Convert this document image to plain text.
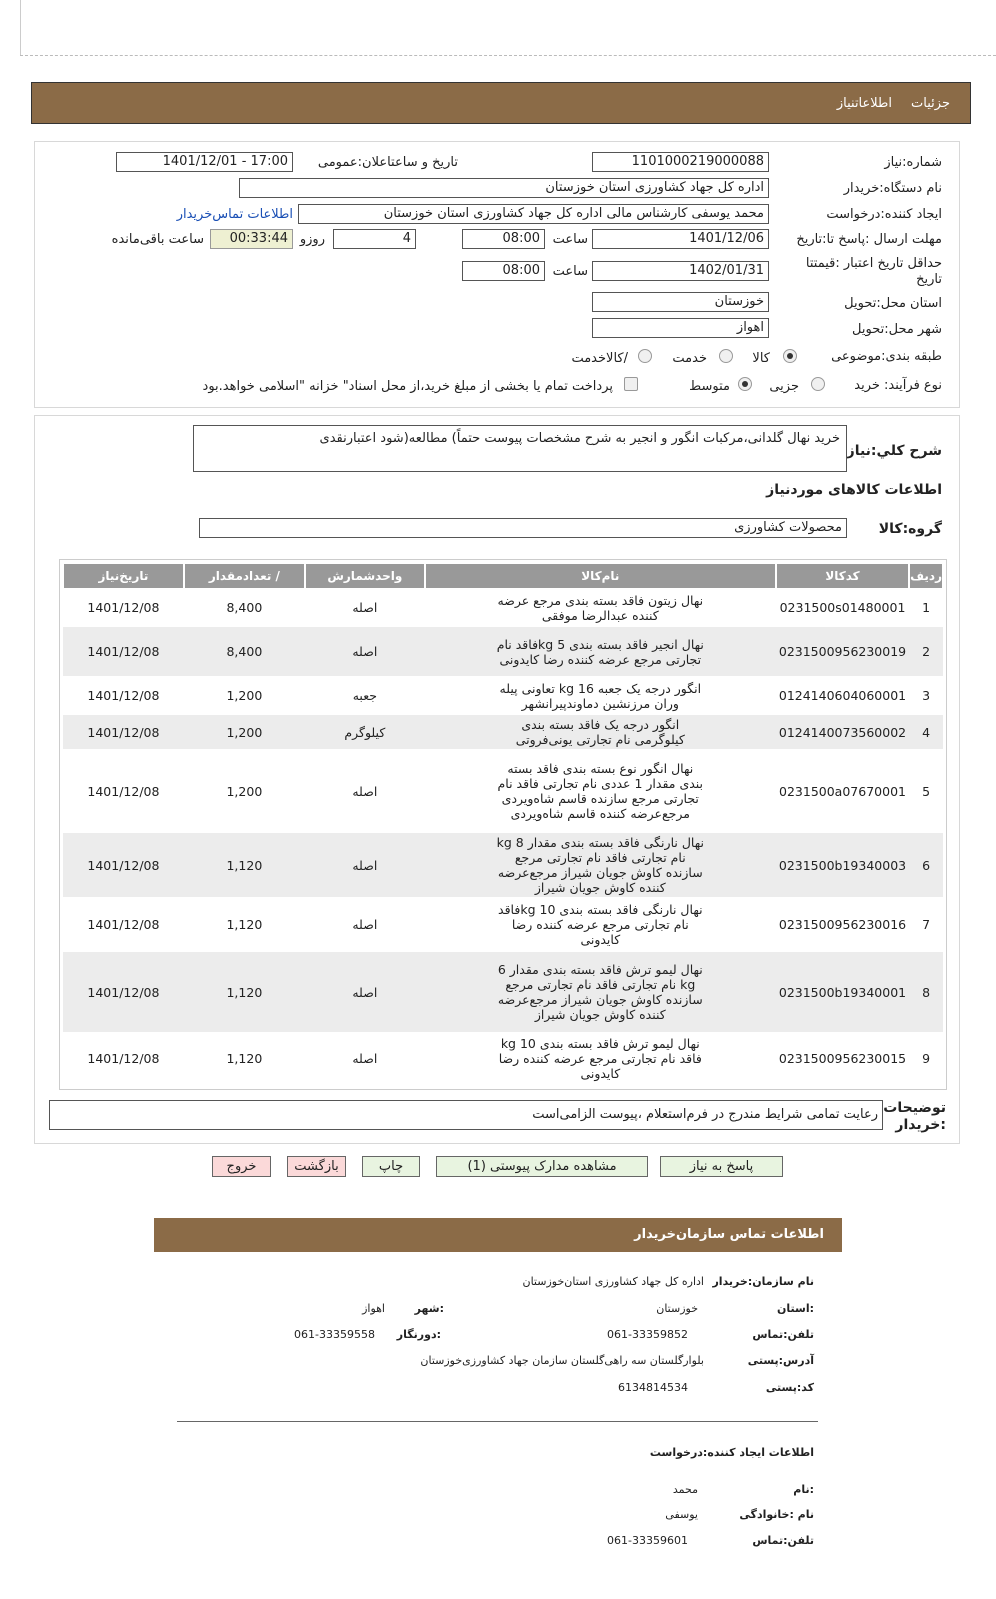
جزئیات
اطلاعاتنیاز
شماره:نیاز
1101000219000088
تاریخ و ساعتاعلان:عمومی
1401/12/01 - 17:00
نام دستگاه:خریدار
اداره کل جهاد کشاورزی استان خوزستان
ایجاد کننده:درخواست
محمد یوسفی کارشناس مالی اداره کل جهاد کشاورزی استان خوزستان
اطلاعات تماس‌خریدار
مهلت ارسال :پاسخ تا:تاریخ
1401/12/06
ساعت
08:00
4
روزو
00:33:44
ساعت باقی‌مانده
حداقل تاریخ اعتبار :قیمتتا
تاریخ
1402/01/31
ساعت
08:00
استان محل:تحویل
خوزستان
شهر محل:تحویل
اهواز
طبقه بندی:موضوعی
کالا
خدمت
/کالاخدمت
نوع فرآیند: خرید
جزیی
متوسط
پرداخت تمام یا بخشی از مبلغ خرید،از محل اسناد" خزانه "اسلامی خواهد.بود
شرح کلي:نیاز
خرید نهال گلدانی،مرکبات انگور و انجیر به شرح مشخصات پیوست حتماً) مطالعه(شود اعتبارنقدی
اطلاعات کالاهای موردنیاز
گروه:کالا
محصولات کشاورزی
ردیف	کدکالا	نام‌کالا	واحدشمارش	/ تعدادمقدار	تاریخ‌نیاز
1	0231500s01480001	نهال زیتون فاقد بسته بندی مرجع عرضه کننده عبدالرضا موفقی	اصله	8,400	1401/12/08
2	0231500956230019	نهال انجیر فاقد بسته بندی 5 kgفاقد نام تجارتی مرجع عرضه کننده رضا کایدونی	اصله	8,400	1401/12/08
3	0124140604060001	انگور درجه یک جعبه 16 kg تعاونی پیله وران مرزنشین دماوندپیرانشهر	جعبه	1,200	1401/12/08
4	0124140073560002	انگور درجه یک فاقد بسته بندی کیلوگرمی نام تجارتی یونی‌فروتی	کیلوگرم	1,200	1401/12/08
5	0231500a07670001	نهال انگور نوع بسته بندی فاقد بسته بندی مقدار 1 عددی نام تجارتی فاقد نام تجارتی مرجع سازنده قاسم شاه‌ویردی مرجع‌عرضه کننده قاسم شاه‌ویردی	اصله	1,200	1401/12/08
6	0231500b19340003	نهال نارنگی فاقد بسته بندی مقدار 8 kg نام تجارتی فاقد نام تجارتی مرجع سازنده کاوش جویان شیراز مرجع‌عرضه کننده کاوش جویان شیراز	اصله	1,120	1401/12/08
7	0231500956230016	نهال نارنگی فاقد بسته بندی 10 kgفاقد نام تجارتی مرجع عرضه کننده رضا کایدونی	اصله	1,120	1401/12/08
8	0231500b19340001	نهال لیمو ترش فاقد بسته بندی مقدار 6 kg نام تجارتی فاقد نام تجارتی مرجع سازنده کاوش جویان شیراز مرجع‌عرضه کننده کاوش جویان شیراز	اصله	1,120	1401/12/08
9	0231500956230015	نهال لیمو ترش فاقد بسته بندی 10 kg فاقد نام تجارتی مرجع عرضه کننده رضا کایدونی	اصله	1,120	1401/12/08
توضیحات :خریدار
رعایت تمامی شرایط مندرج در فرم‌استعلام ،پیوست الزامی‌است
پاسخ به نیاز
مشاهده مدارک پیوستی (1)
چاپ
بازگشت
خروج
اطلاعات تماس سازمان‌خریدار
نام سازمان:خریدار
اداره کل جهاد کشاورزی استان‌خوزستان
:استان
خوزستان
:شهر
اهواز
تلفن:تماس
061-33359852
:دورنگار
061-33359558
آدرس:پستی
بلوار‌گلستان سه راهی‌گلستان سازمان جهاد کشاورزی‌خوزستان
کد:پستی
6134814534
اطلاعات ایجاد کننده:درخواست
:نام
محمد
نام :خانوادگی
یوسفی
تلفن:تماس
061-33359601
